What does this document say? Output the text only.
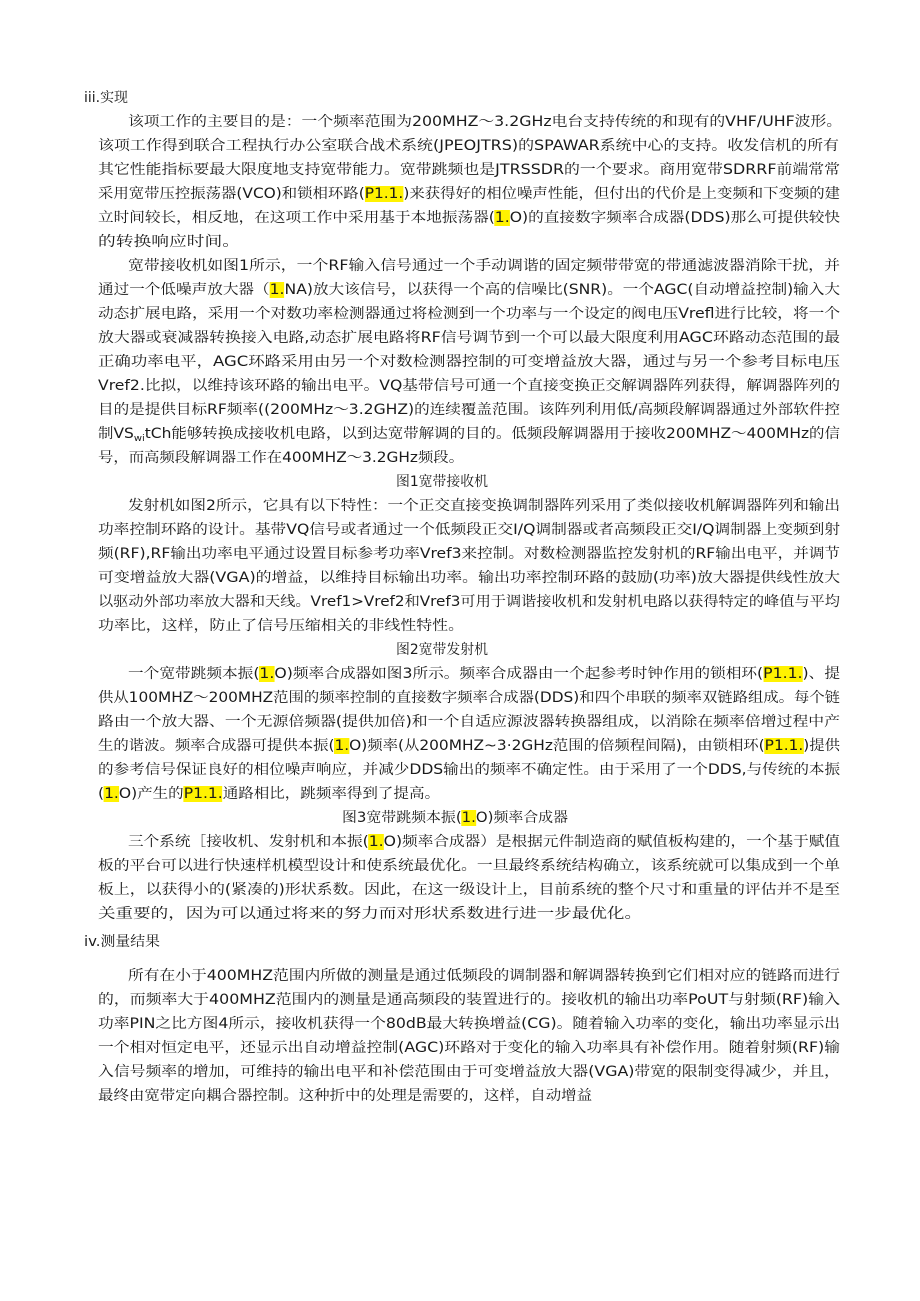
iii.实现
该项工作的主要目的是：一个频率范围为200MHZ～3.2GHz电台支持传统的和现有的VHF/UHF波形。
该项工作得到联合工程执行办公室联合战术系统(JPEOJTRS)的SPAWAR系统中心的支持。收发信机的所有
其它性能指标要最大限度地支持宽带能力。宽带跳频也是JTRSSDR的一个要求。商用宽带SDRRF前端常常
采用宽带压控振荡器(VCO)和锁相环路(P1.1.)来获得好的相位噪声性能，但付出的代价是上变频和下变频的建
立时间较长，相反地，在这项工作中采用基于本地振荡器(1.O)的直接数字频率合成器(DDS)那么可提供较快
的转换响应时间。
宽带接收机如图1所示，一个RF输入信号通过一个手动调谐的固定频带带宽的带通滤波器消除干扰，并
通过一个低噪声放大器（1.NA)放大该信号，以获得一个高的信噪比(SNR)。一个AGC(自动增益控制)输入大
动态扩展电路，采用一个对数功率检测器通过将检测到一个功率与一个设定的阀电压Vrefl进行比较，将一个
放大器或衰减器转换接入电路,动态扩展电路将RF信号调节到一个可以最大限度利用AGC环路动态范围的最
正确功率电平，AGC环路采用由另一个对数检测器控制的可变增益放大器，通过与另一个参考目标电压
Vref2.比拟，以维持该环路的输出电平。VQ基带信号可通一个直接变换正交解调器阵列获得，解调器阵列的
目的是提供目标RF频率((200MHz～3.2GHZ)的连续覆盖范围。该阵列利用低/高频段解调器通过外部软件控
制$VS_{wi}tCh$能够转换成接收机电路，以到达宽带解调的目的。低频段解调器用于接收200MHZ～400MHz的信
号，而高频段解调器工作在400MHZ～3.2GHz频段。
图1宽带接收机
发射机如图2所示，它具有以下特性：一个正交直接变换调制器阵列采用了类似接收机解调器阵列和输出
功率控制环路的设计。基带VQ信号或者通过一个低频段正交I/Q调制器或者高频段正交I/Q调制器上变频到射
频(RF),RF输出功率电平通过设置目标参考功率Vref3来控制。对数检测器监控发射机的RF输出电平，并调节
可变增益放大器(VGA)的增益，以维持目标输出功率。输出功率控制环路的鼓励(功率)放大器提供线性放大
以驱动外部功率放大器和天线。Vref1>Vref2和Vref3可用于调谐接收机和发射机电路以获得特定的峰值与平均
功率比，这样，防止了信号压缩相关的非线性特性。
图2宽带发射机
一个宽带跳频本振(1.O)频率合成器如图3所示。频率合成器由一个起参考时钟作用的锁相环(P1.1.)、提
供从100MHZ～200MHZ范围的频率控制的直接数字频率合成器(DDS)和四个串联的频率双链路组成。每个链
路由一个放大器、一个无源倍频器(提供加倍)和一个自适应源波器转换器组成，以消除在频率倍增过程中产
生的谐波。频率合成器可提供本振(1.O)频率(从200MHZ~3·2GHz范围的倍频程间隔)，由锁相环(P1.1.)提供
的参考信号保证良好的相位噪声响应，并减少DDS输出的频率不确定性。由于采用了一个DDS,与传统的本振
(1.O)产生的P1.1.通路相比，跳频率得到了提高。
图3宽带跳频本振(1.O)频率合成器
三个系统［接收机、发射机和本振(1.O)频率合成器）是根据元件制造商的赋值板构建的，一个基于赋值
板的平台可以进行快速样机模型设计和使系统最优化。一旦最终系统结构确立，该系统就可以集成到一个单
板上，以获得小的(紧凑的)形状系数。因此，在这一级设计上，目前系统的整个尺寸和重量的评估并不是至
关重要的，因为可以通过将来的努力而对形状系数进行进一步最优化。
iv.测量结果
所有在小于400MHZ范围内所做的测量是通过低频段的调制器和解调器转换到它们相对应的链路而进行
的，而频率大于400MHZ范围内的测量是通高频段的装置进行的。接收机的输出功率PoUT与射频(RF)输入
功率PIN之比方图4所示，接收机获得一个80dB最大转换增益(CG)。随着输入功率的变化，输出功率显示出
一个相对恒定电平，还显示出自动增益控制(AGC)环路对于变化的输入功率具有补偿作用。随着射频(RF)输
入信号频率的增加，可维持的输出电平和补偿范围由于可变增益放大器(VGA)带宽的限制变得减少，并且，
最终由宽带定向耦合器控制。这种折中的处理是需要的，这样，自动增益
